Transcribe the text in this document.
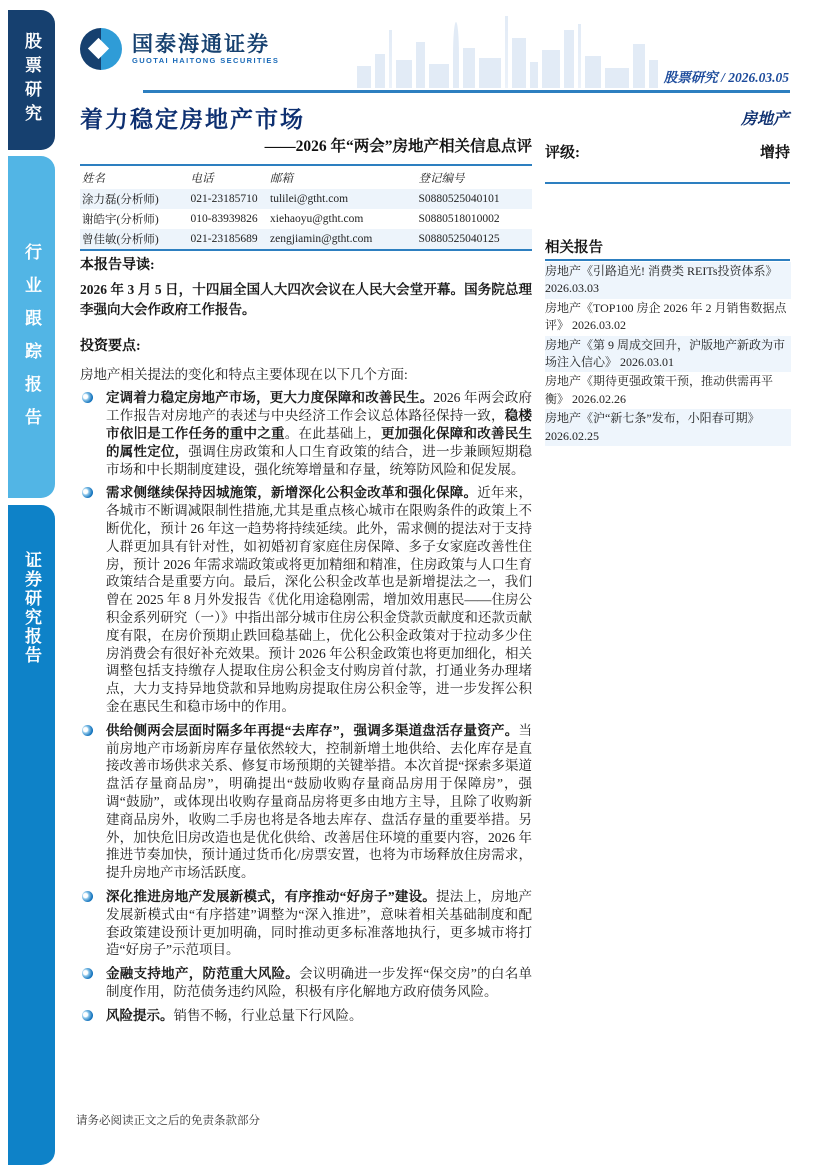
股票研究
行业跟踪报告
证券研究报告
国泰海通证券
GUOTAI HAITONG SECURITIES
股票研究 / 2026.03.05
着力稳定房地产市场	房地产
——2026 年“两会”房地产相关信息点评
姓名	电话	邮箱	登记编号
涂力磊(分析师)	021-23185710	tulilei@gtht.com	S0880525040101
谢皓宇(分析师)	010-83939826	xiehaoyu@gtht.com	S0880518010002
曾佳敏(分析师)	021-23185689	zengjiamin@gtht.com	S0880525040125
评级:	增持
相关报告
房地产《引路追光! 消费类 REITs投资体系》 2026.03.03
房地产《TOP100 房企 2026 年 2 月销售数据点评》 2026.03.02
房地产《第 9 周成交回升，沪版地产新政为市场注入信心》 2026.03.01
房地产《期待更强政策干预，推动供需再平衡》 2026.02.26
房地产《沪“新七条”发布，小阳春可期》 2026.02.25
本报告导读:
2026 年 3 月 5 日，十四届全国人大四次会议在人民大会堂开幕。国务院总理李强向大会作政府工作报告。
投资要点:
房地产相关提法的变化和特点主要体现在以下几个方面:
定调着力稳定房地产市场，更大力度保障和改善民生。2026 年两会政府工作报告对房地产的表述与中央经济工作会议总体路径保持一致，稳楼市依旧是工作任务的重中之重。在此基础上，更加强化保障和改善民生的属性定位，强调住房政策和人口生育政策的结合，进一步兼顾短期稳市场和中长期制度建设，强化统筹增量和存量，统筹防风险和促发展。
需求侧继续保持因城施策，新增深化公积金改革和强化保障。近年来，各城市不断调减限制性措施,尤其是重点核心城市在限购条件的政策上不断优化，预计 26 年这一趋势将持续延续。此外，需求侧的提法对于支持人群更加具有针对性，如初婚初育家庭住房保障、多子女家庭改善性住房，预计 2026 年需求端政策或将更加精细和精准，住房政策与人口生育政策结合是重要方向。最后，深化公积金改革也是新增提法之一，我们曾在 2025 年 8 月外发报告《优化用途稳刚需，增加效用惠民——住房公积金系列研究（一）》中指出部分城市住房公积金贷款贡献度和还款贡献度有限，在房价预期止跌回稳基础上，优化公积金政策对于拉动多少住房消费会有很好补充效果。预计 2026 年公积金政策也将更加细化，相关调整包括支持缴存人提取住房公积金支付购房首付款，打通业务办理堵点，大力支持异地贷款和异地购房提取住房公积金等，进一步发挥公积金在惠民生和稳市场中的作用。
供给侧两会层面时隔多年再提“去库存”，强调多渠道盘活存量资产。当前房地产市场新房库存量依然较大，控制新增土地供给、去化库存是直接改善市场供求关系、修复市场预期的关键举措。本次首提“探索多渠道盘活存量商品房”，明确提出“鼓励收购存量商品房用于保障房”，强调“鼓励”，或体现出收购存量商品房将更多由地方主导，且除了收购新建商品房外，收购二手房也将是各地去库存、盘活存量的重要举措。另外，加快危旧房改造也是优化供给、改善居住环境的重要内容，2026 年推进节奏加快，预计通过货币化/房票安置，也将为市场释放住房需求，提升房地产市场活跃度。
深化推进房地产发展新模式，有序推动“好房子”建设。提法上，房地产发展新模式由“有序搭建”调整为“深入推进”，意味着相关基础制度和配套政策建设预计更加明确，同时推动更多标准落地执行，更多城市将打造“好房子”示范项目。
金融支持地产，防范重大风险。会议明确进一步发挥“保交房”的白名单制度作用，防范债务违约风险，积极有序化解地方政府债务风险。
风险提示。销售不畅，行业总量下行风险。
请务必阅读正文之后的免责条款部分
